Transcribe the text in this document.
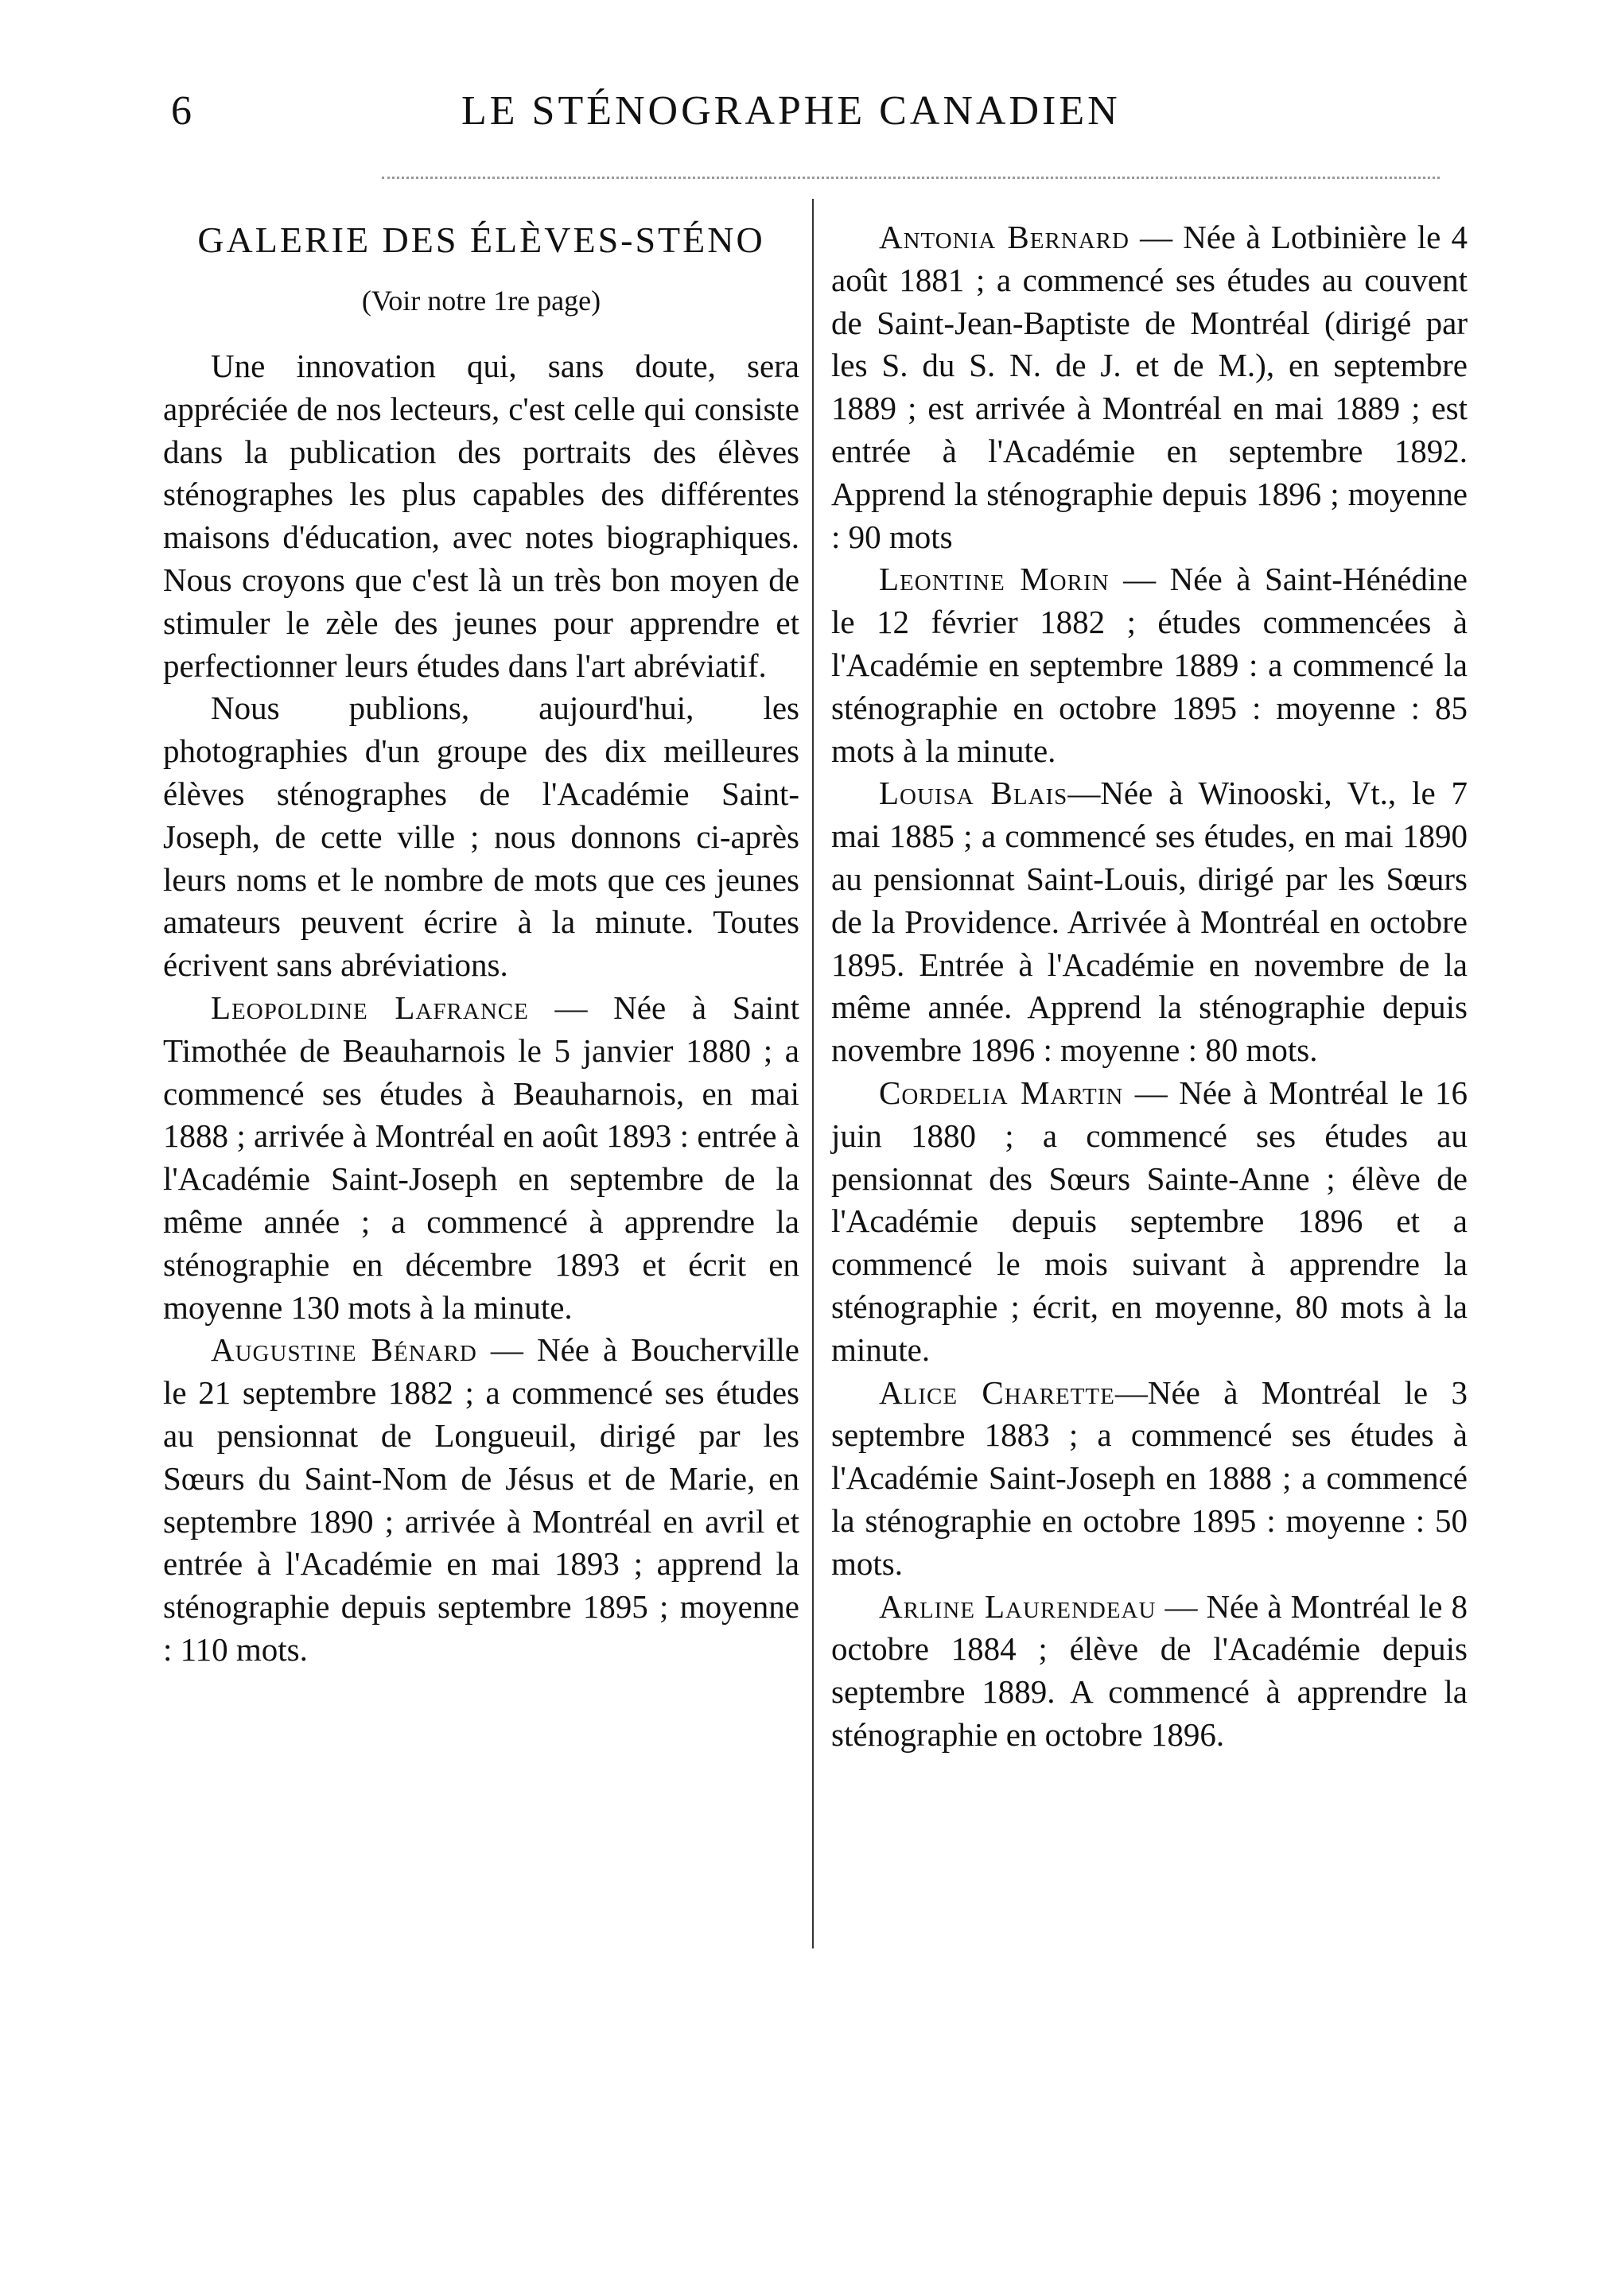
6	LE STÉNOGRAPHE CANADIEN
GALERIE DES ÉLÈVES-STÉNO
(Voir notre 1re page)

Une innovation qui, sans doute, sera appréciée de nos lecteurs, c'est celle qui consiste dans la publication des portraits des élèves sténographes les plus capables des différentes maisons d'éducation, avec notes biographiques. Nous croyons que c'est là un très bon moyen de stimuler le zèle des jeunes pour apprendre et perfectionner leurs études dans l'art abréviatif.

Nous publions, aujourd'hui, les photographies d'un groupe des dix meilleures élèves sténographes de l'Académie Saint-Joseph, de cette ville ; nous donnons ci-après leurs noms et le nombre de mots que ces jeunes amateurs peuvent écrire à la minute. Toutes écrivent sans abréviations.

Leopoldine Lafrance — Née à Saint Timothée de Beauharnois le 5 janvier 1880 ; a commencé ses études à Beauharnois, en mai 1888 ; arrivée à Montréal en août 1893 : entrée à l'Académie Saint-Joseph en septembre de la même année ; a commencé à apprendre la sténographie en décembre 1893 et écrit en moyenne 130 mots à la minute.

Augustine Bénard — Née à Boucherville le 21 septembre 1882 ; a commencé ses études au pensionnat de Longueuil, dirigé par les Sœurs du Saint-Nom de Jésus et de Marie, en septembre 1890 ; arrivée à Montréal en avril et entrée à l'Académie en mai 1893 ; apprend la sténographie depuis septembre 1895 ; moyenne : 110 mots.

Antonia Bernard — Née à Lotbinière le 4 août 1881 ; a commencé ses études au couvent de Saint-Jean-Baptiste de Montréal (dirigé par les S. du S. N. de J. et de M.), en septembre 1889 ; est arrivée à Montréal en mai 1889 ; est entrée à l'Académie en septembre 1892. Apprend la sténographie depuis 1896 ; moyenne : 90 mots

Leontine Morin — Née à Saint-Hénédine le 12 février 1882 ; études commencées à l'Académie en septembre 1889 : a commencé la sténographie en octobre 1895 : moyenne : 85 mots à la minute.

Louisa Blais—Née à Winooski, Vt., le 7 mai 1885 ; a commencé ses études, en mai 1890 au pensionnat Saint-Louis, dirigé par les Sœurs de la Providence. Arrivée à Montréal en octobre 1895. Entrée à l'Académie en novembre de la même année. Apprend la sténographie depuis novembre 1896 : moyenne : 80 mots.

Cordelia Martin — Née à Montréal le 16 juin 1880 ; a commencé ses études au pensionnat des Sœurs Sainte-Anne ; élève de l'Académie depuis septembre 1896 et a commencé le mois suivant à apprendre la sténographie ; écrit, en moyenne, 80 mots à la minute.

Alice Charette—Née à Montréal le 3 septembre 1883 ; a commencé ses études à l'Académie Saint-Joseph en 1888 ; a commencé la sténographie en octobre 1895 : moyenne : 50 mots.

Arline Laurendeau — Née à Montréal le 8 octobre 1884 ; élève de l'Académie depuis septembre 1889. A commencé à apprendre la sténographie en octobre 1896.
